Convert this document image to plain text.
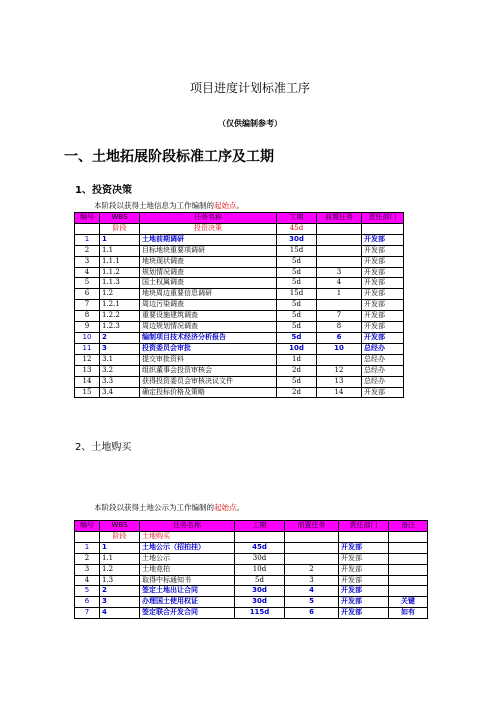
项目进度计划标准工序
（仅供编制参考）
一、土地拓展阶段标准工序及工期
1、投资决策
本阶段以获得土地信息为工作编制的起始点。
编号	WBS	任务名称	工期	前置任务	责任部门
	阶段	投资决策	45d		
1	1	土地前期调研	30d		开发部
2	1.1	目标地块重要项调研	15d		开发部
3	1.1.1	地块现状调查	5d		开发部
4	1.1.2	规划情况调查	5d	3	开发部
5	1.1.3	国土权属调查	5d	4	开发部
6	1.2	地块周边重要信息调研	15d	1	开发部
7	1.2.1	周边污染调查	5d		开发部
8	1.2.2	重要设施建筑调查	5d	7	开发部
9	1.2.3	周边规划情况调查	5d	8	开发部
10	2	编制项目技术经济分析报告	5d	6	开发部
11	3	投资委员会审批	10d	10	总经办
12	3.1	提交审批资料	1d		总经办
13	3.2	组织董事会投资审核会	2d	12	总经办
14	3.3	获得投资委员会审核决议文件	5d	13	总经办
15	3.4	确定投标价格及策略	2d	14	开发部
2、土地购买
本阶段以获得土地公示为工作编制的起始点。
编号	WBS	任务名称	工期	前置任务	责任部门	备注
	阶段	土地购买				
1	1	土地公示（招拍挂）	45d		开发部	
2	1.1	土地公示	30d		开发部	
3	1.2	土地竞拍	10d	2	开发部	
4	1.3	取得中标通知书	5d	3	开发部	
5	2	签定土地出让合同	30d	4	开发部	
6	3	办理国土使用权证	30d	5	开发部	关键
7	4	签定联合开发合同	115d	6	开发部	如有
